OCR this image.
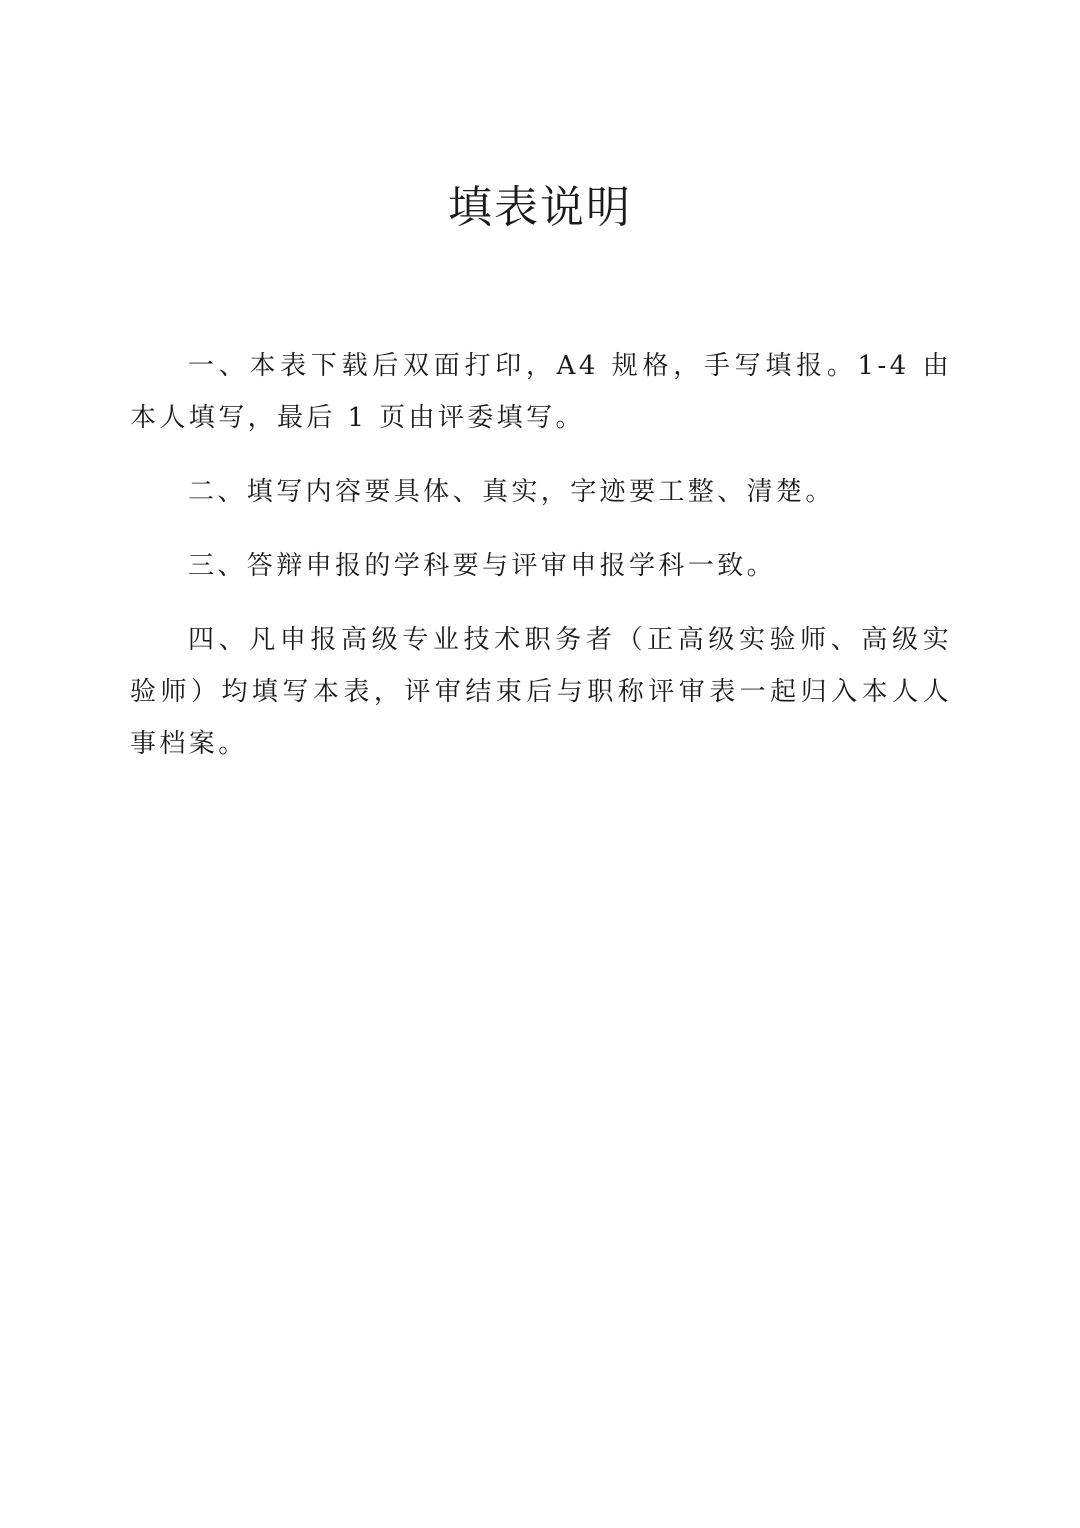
填表说明

一、本表下载后双面打印，A4 规格，手写填报。1-4 由本人填写，最后 1 页由评委填写。

二、填写内容要具体、真实，字迹要工整、清楚。

三、答辩申报的学科要与评审申报学科一致。

四、凡申报高级专业技术职务者（正高级实验师、高级实验师）均填写本表，评审结束后与职称评审表一起归入本人人事档案。
